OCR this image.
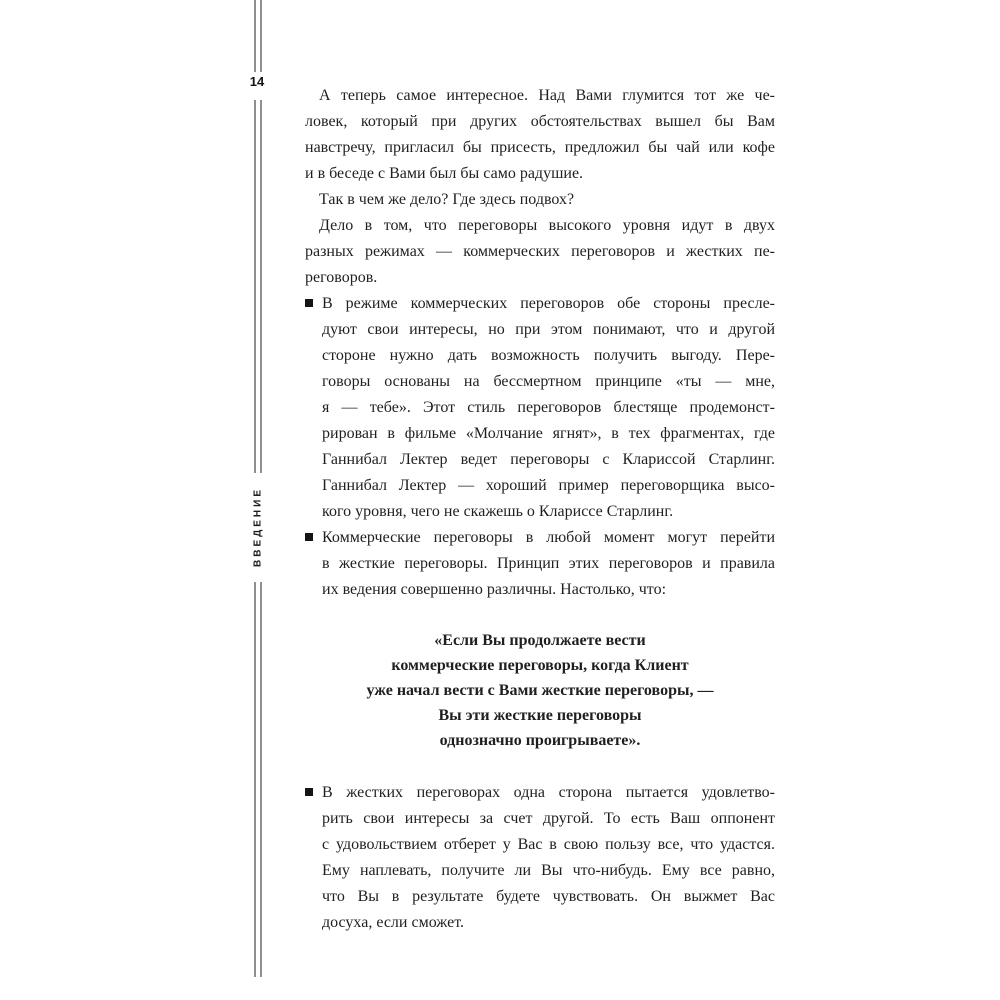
14
ВВЕДЕНИЕ
А теперь самое интересное. Над Вами глумится тот же че-
ловек, который при других обстоятельствах вышел бы Вам
навстречу, пригласил бы присесть, предложил бы чай или кофе
и в беседе с Вами был бы само радушие.
Так в чем же дело? Где здесь подвох?
Дело в том, что переговоры высокого уровня идут в двух
разных режимах — коммерческих переговоров и жестких пе-
реговоров.
В режиме коммерческих переговоров обе стороны пресле-
дуют свои интересы, но при этом понимают, что и другой
стороне нужно дать возможность получить выгоду. Пере-
говоры основаны на бессмертном принципе «ты — мне,
я — тебе». Этот стиль переговоров блестяще продемонст-
рирован в фильме «Молчание ягнят», в тех фрагментах, где
Ганнибал Лектер ведет переговоры с Клариссой Старлинг.
Ганнибал Лектер — хороший пример переговорщика высо-
кого уровня, чего не скажешь о Клариссе Старлинг.
Коммерческие переговоры в любой момент могут перейти
в жесткие переговоры. Принцип этих переговоров и правила
их ведения совершенно различны. Настолько, что:
«Если Вы продолжаете вести
коммерческие переговоры, когда Клиент
уже начал вести с Вами жесткие переговоры, —
Вы эти жесткие переговоры
однозначно проигрываете».
В жестких переговорах одна сторона пытается удовлетво-
рить свои интересы за счет другой. То есть Ваш оппонент
с удовольствием отберет у Вас в свою пользу все, что удастся.
Ему наплевать, получите ли Вы что-нибудь. Ему все равно,
что Вы в результате будете чувствовать. Он выжмет Вас
досуха, если сможет.
